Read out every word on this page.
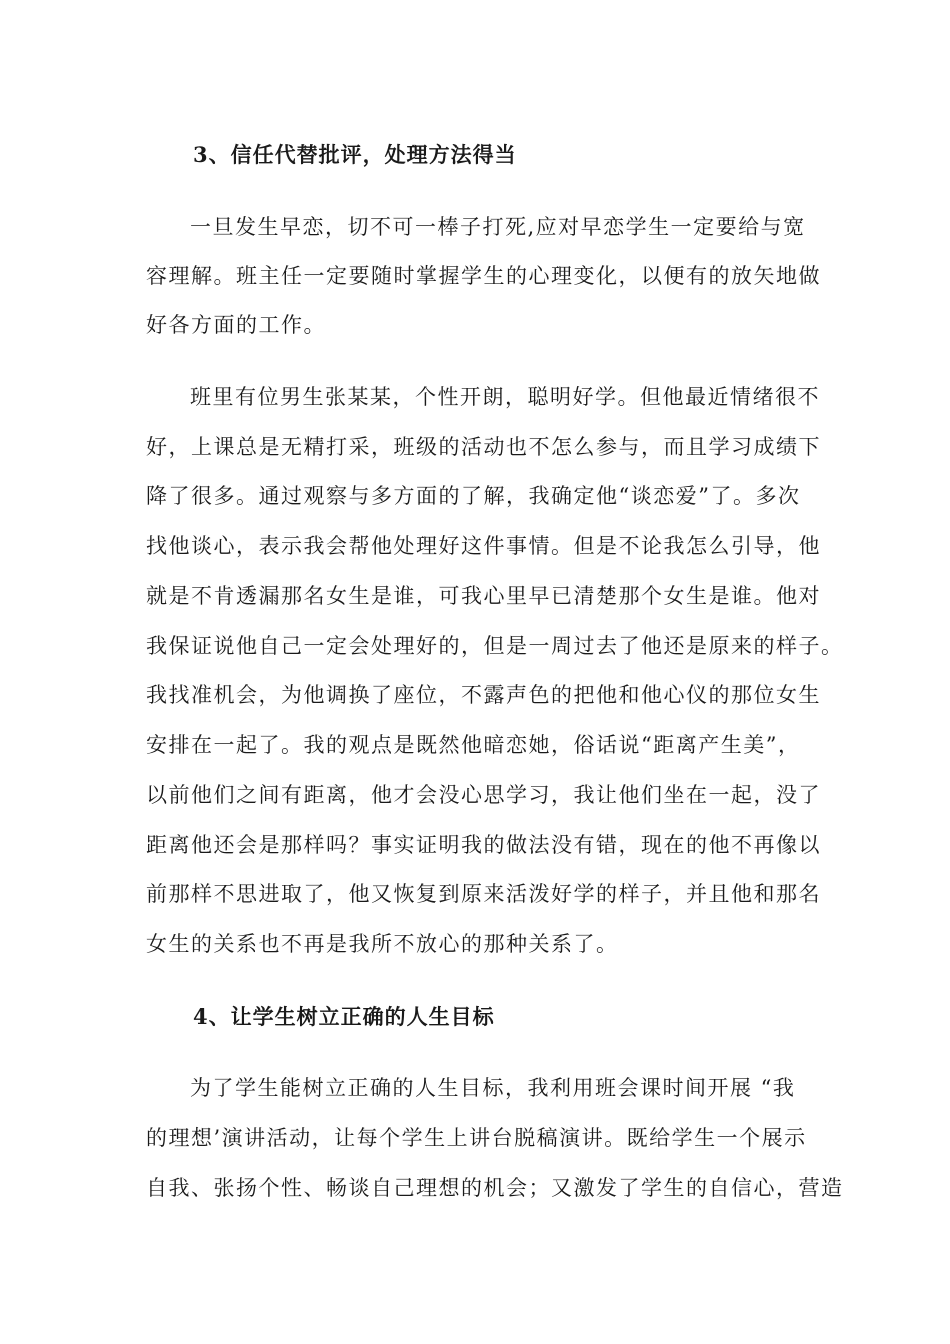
3、信任代替批评，处理方法得当
一旦发生早恋，切不可一棒子打死,应对早恋学生一定要给与宽
容理解。班主任一定要随时掌握学生的心理变化，以便有的放矢地做
好各方面的工作。
班里有位男生张某某，个性开朗，聪明好学。但他最近情绪很不
好，上课总是无精打采，班级的活动也不怎么参与，而且学习成绩下
降了很多。通过观察与多方面的了解，我确定他“谈恋爱”了。多次
找他谈心，表示我会帮他处理好这件事情。但是不论我怎么引导，他
就是不肯透漏那名女生是谁，可我心里早已清楚那个女生是谁。他对
我保证说他自己一定会处理好的，但是一周过去了他还是原来的样子。
我找准机会，为他调换了座位，不露声色的把他和他心仪的那位女生
安排在一起了。我的观点是既然他暗恋她，俗话说“距离产生美”，
以前他们之间有距离，他才会没心思学习，我让他们坐在一起，没了
距离他还会是那样吗？事实证明我的做法没有错，现在的他不再像以
前那样不思进取了，他又恢复到原来活泼好学的样子，并且他和那名
女生的关系也不再是我所不放心的那种关系了。
4、让学生树立正确的人生目标
为了学生能树立正确的人生目标，我利用班会课时间开展 “我
的理想’演讲活动，让每个学生上讲台脱稿演讲。既给学生一个展示
自我、张扬个性、畅谈自己理想的机会；又激发了学生的自信心，营造
